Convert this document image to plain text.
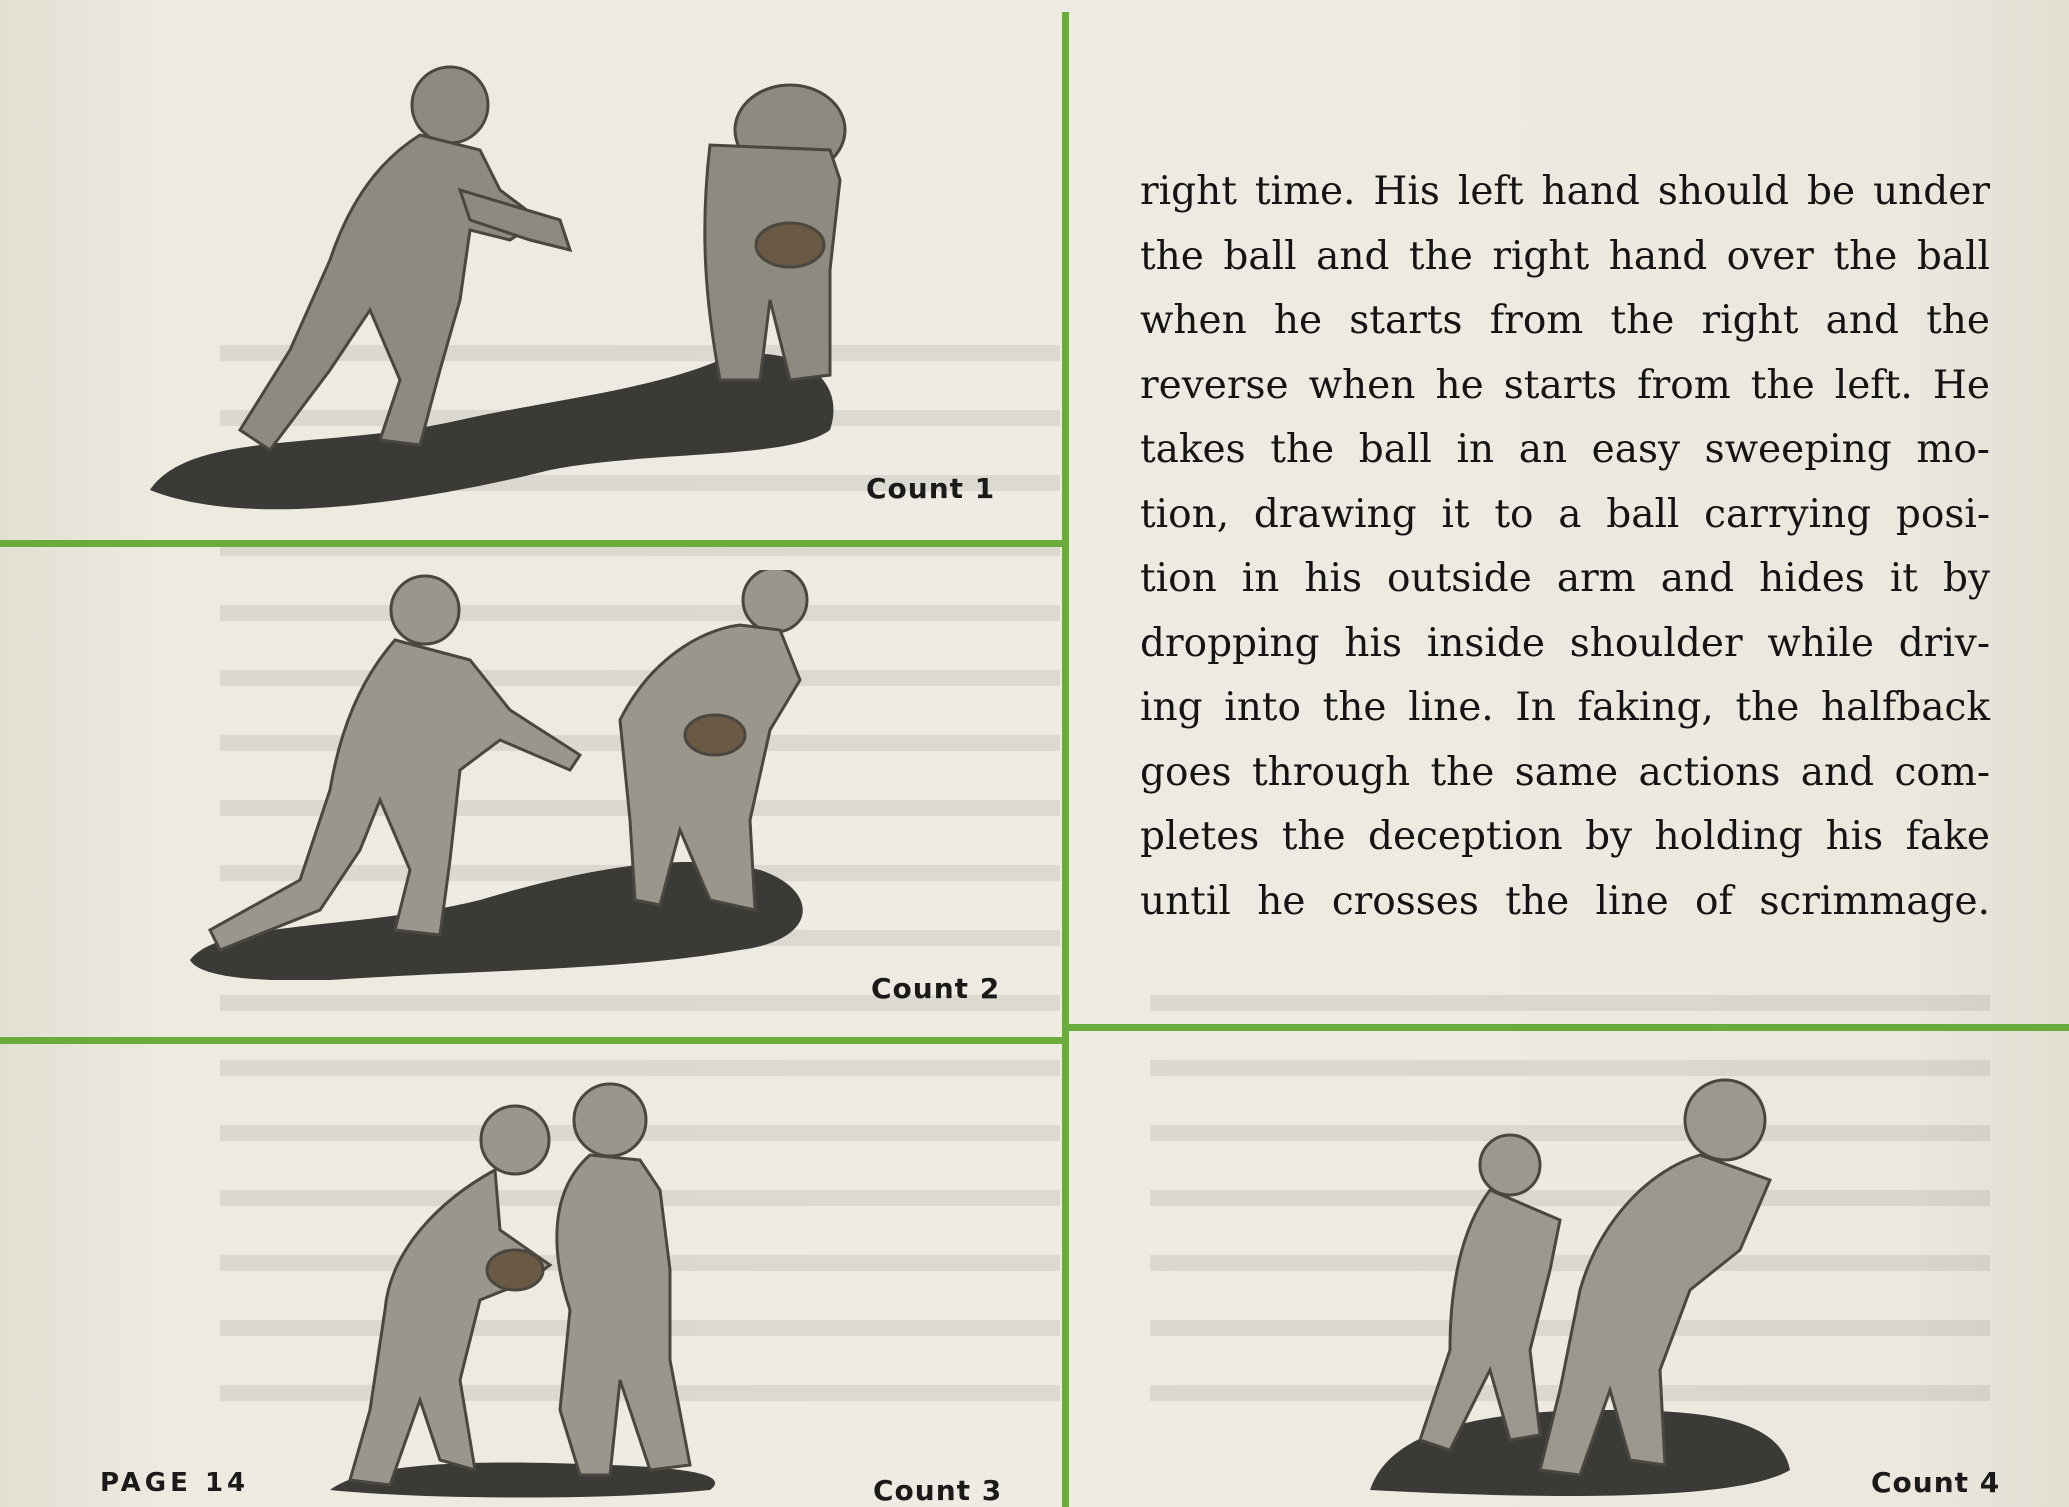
Count 1
Count 2
Count 3	Count 4
right time. His left hand should be under
the ball and the right hand over the ball
when he starts from the right and the
reverse when he starts from the left. He
takes the ball in an easy sweeping mo-
tion, drawing it to a ball carrying posi-
tion in his outside arm and hides it by
dropping his inside shoulder while driv-
ing into the line. In faking, the halfback
goes through the same actions and com-
pletes the deception by holding his fake
until he crosses the line of scrimmage.
PAGE 14
